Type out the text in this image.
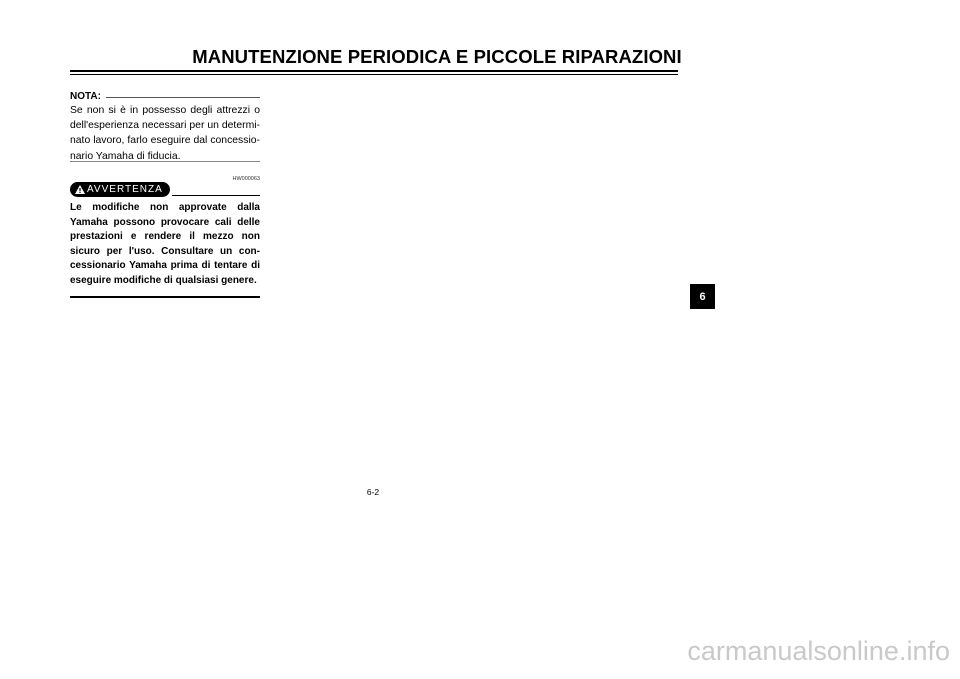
MANUTENZIONE PERIODICA E PICCOLE RIPARAZIONI
NOTA:
Se non si è in possesso degli attrezzi o dell'esperienza necessari per un determi-nato lavoro, farlo eseguire dal concessio-nario Yamaha di fiducia.
HW000063
AVVERTENZA
Le modifiche non approvate dalla Yamaha possono provocare cali delle prestazioni e rendere il mezzo non sicuro per l'uso. Consultare un con-cessionario Yamaha prima di tentare di eseguire modifiche di qualsiasi genere.
6-2
6
carmanualsonline.info
